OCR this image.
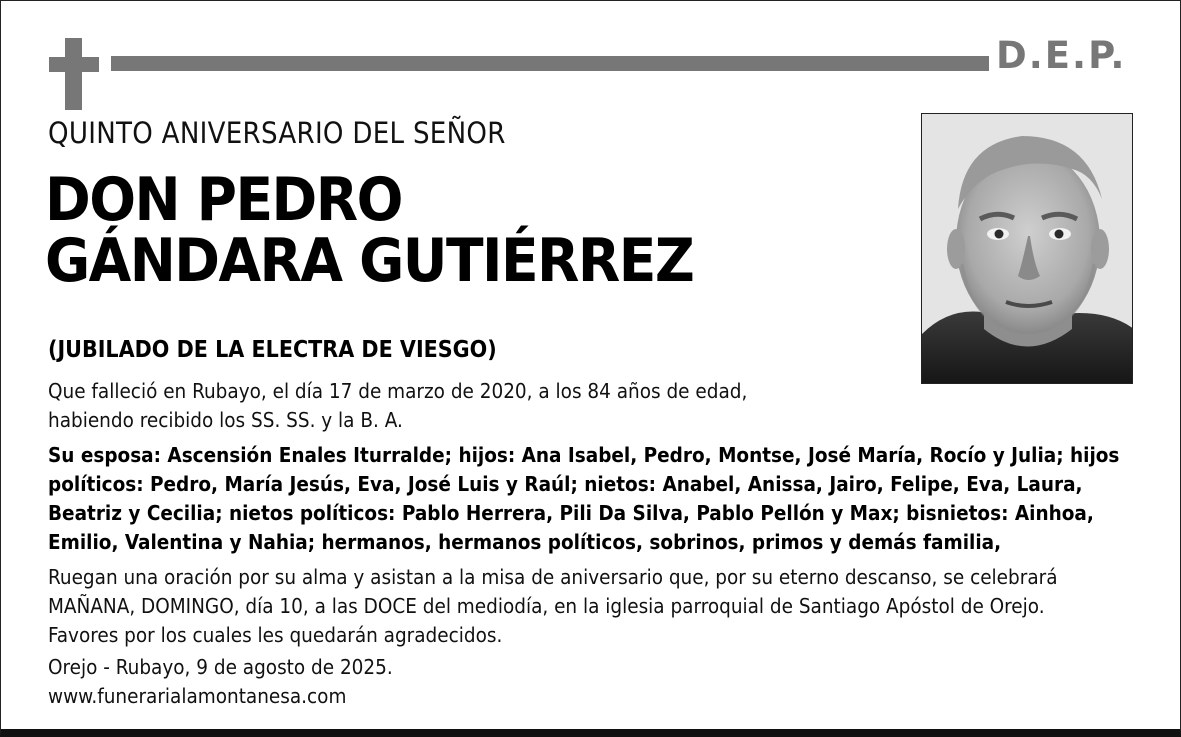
D.E.P.
QUINTO ANIVERSARIO DEL SEÑOR
DON PEDRO
GÁNDARA GUTIÉRREZ
(JUBILADO DE LA ELECTRA DE VIESGO)
Que falleció en Rubayo, el día 17 de marzo de 2020, a los 84 años de edad,
habiendo recibido los SS. SS. y la B. A.
Su esposa: Ascensión Enales Iturralde; hijos: Ana Isabel, Pedro, Montse, José María, Rocío y Julia; hijos
políticos: Pedro, María Jesús, Eva, José Luis y Raúl; nietos: Anabel, Anissa, Jairo, Felipe, Eva, Laura,
Beatriz y Cecilia; nietos políticos: Pablo Herrera, Pili Da Silva, Pablo Pellón y Max; bisnietos: Ainhoa,
Emilio, Valentina y Nahia; hermanos, hermanos políticos, sobrinos, primos y demás familia,
Ruegan una oración por su alma y asistan a la misa de aniversario que, por su eterno descanso, se celebrará
MAÑANA, DOMINGO, día 10, a las DOCE del mediodía, en la iglesia parroquial de Santiago Apóstol de Orejo.
Favores por los cuales les quedarán agradecidos.
Orejo - Rubayo, 9 de agosto de 2025.
www.funerarialamontanesa.com
